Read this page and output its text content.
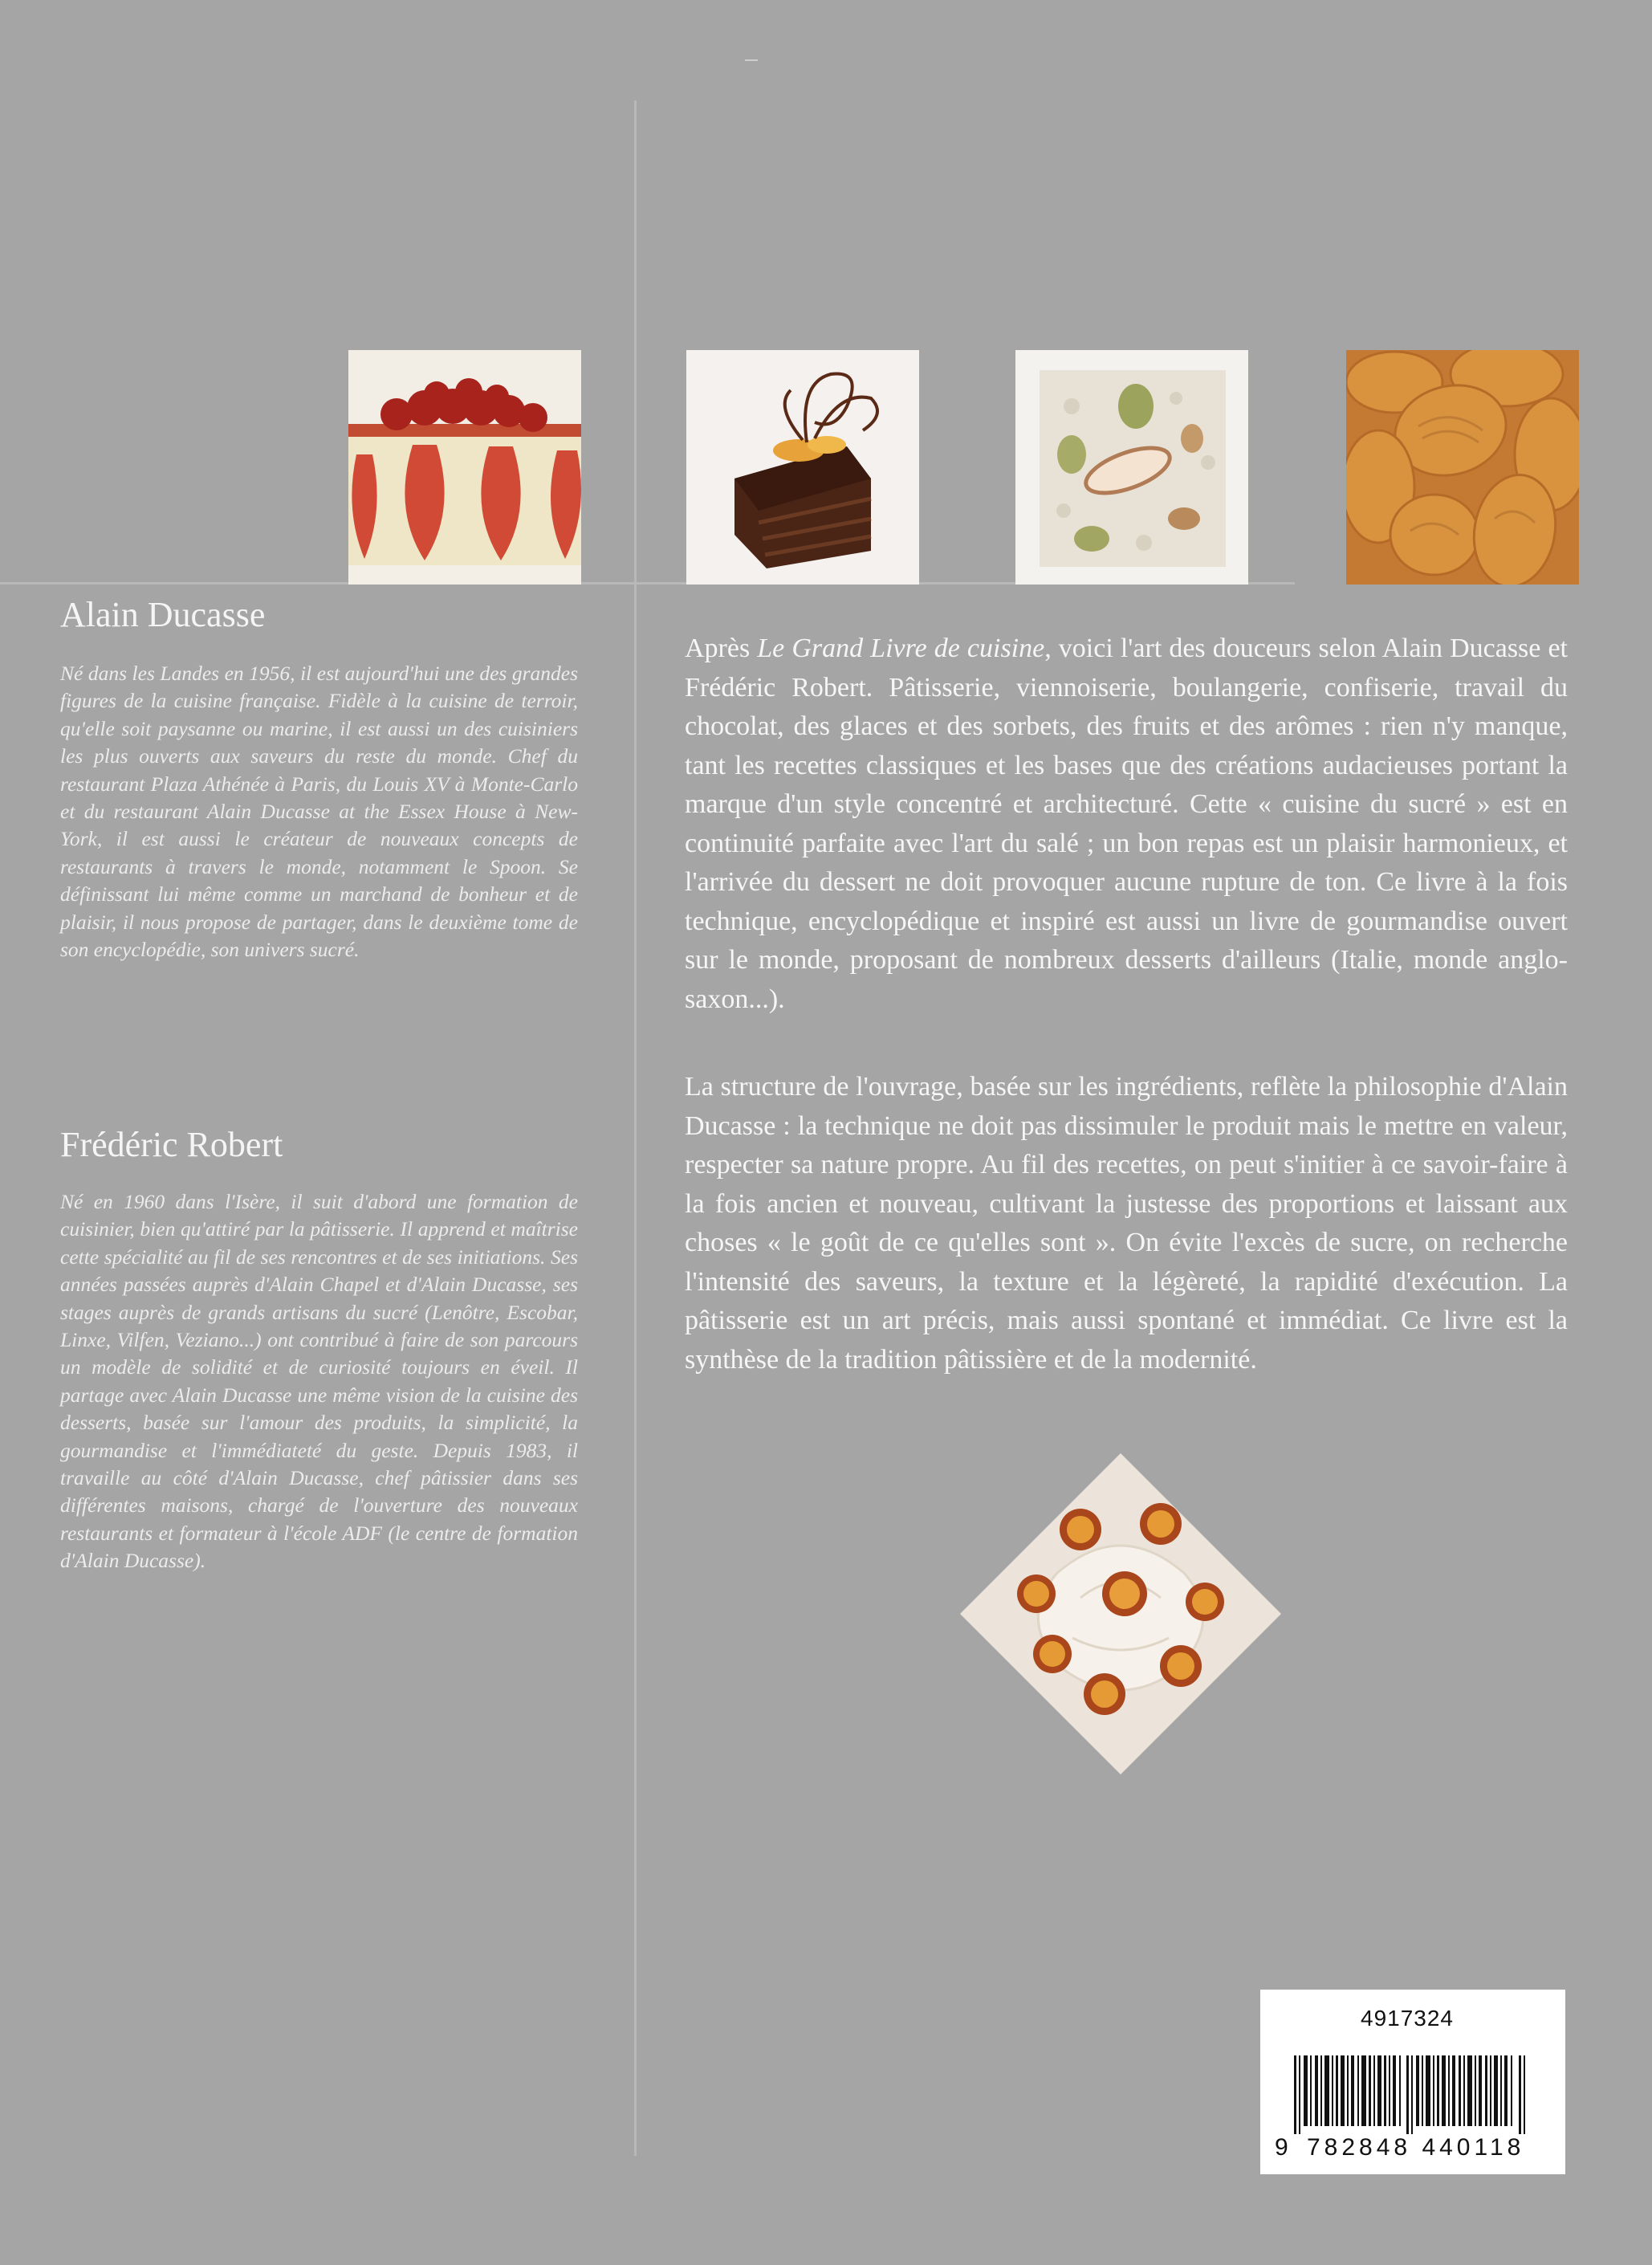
Alain Ducasse

Né dans les Landes en 1956, il est aujourd'hui une des grandes figures de la cuisine française. Fidèle à la cuisine de terroir, qu'elle soit paysanne ou marine, il est aussi un des cuisiniers les plus ouverts aux saveurs du reste du monde. Chef du restaurant Plaza Athénée à Paris, du Louis XV à Monte-Carlo et du restaurant Alain Ducasse at the Essex House à New-York, il est aussi le créateur de nouveaux concepts de restaurants à travers le monde, notamment le Spoon. Se définissant lui même comme un marchand de bonheur et de plaisir, il nous propose de partager, dans le deuxième tome de son encyclopédie, son univers sucré.

Frédéric Robert

Né en 1960 dans l'Isère, il suit d'abord une formation de cuisinier, bien qu'attiré par la pâtisserie. Il apprend et maîtrise cette spécialité au fil de ses rencontres et de ses initiations. Ses années passées auprès d'Alain Chapel et d'Alain Ducasse, ses stages auprès de grands artisans du sucré (Lenôtre, Escobar, Linxe, Vilfen, Veziano...) ont contribué à faire de son parcours un modèle de solidité et de curiosité toujours en éveil. Il partage avec Alain Ducasse une même vision de la cuisine des desserts, basée sur l'amour des produits, la simplicité, la gourmandise et l'immédiateté du geste. Depuis 1983, il travaille au côté d'Alain Ducasse, chef pâtissier dans ses différentes maisons, chargé de l'ouverture des nouveaux restaurants et formateur à l'école ADF (le centre de formation d'Alain Ducasse).

Après Le Grand Livre de cuisine, voici l'art des douceurs selon Alain Ducasse et Frédéric Robert. Pâtisserie, viennoiserie, boulangerie, confiserie, travail du chocolat, des glaces et des sorbets, des fruits et des arômes : rien n'y manque, tant les recettes classiques et les bases que des créations audacieuses portant la marque d'un style concentré et architecturé. Cette « cuisine du sucré » est en continuité parfaite avec l'art du salé ; un bon repas est un plaisir harmonieux, et l'arrivée du dessert ne doit provoquer aucune rupture de ton. Ce livre à la fois technique, encyclopédique et inspiré est aussi un livre de gourmandise ouvert sur le monde, proposant de nombreux desserts d'ailleurs (Italie, monde anglo-saxon...).

La structure de l'ouvrage, basée sur les ingrédients, reflète la philosophie d'Alain Ducasse : la technique ne doit pas dissimuler le produit mais le mettre en valeur, respecter sa nature propre. Au fil des recettes, on peut s'initier à ce savoir-faire à la fois ancien et nouveau, cultivant la justesse des proportions et laissant aux choses « le goût de ce qu'elles sont ». On évite l'excès de sucre, on recherche l'intensité des saveurs, la texture et la légèreté, la rapidité d'exécution. La pâtisserie est un art précis, mais aussi spontané et immédiat. Ce livre est la synthèse de la tradition pâtissière et de la modernité.

4917324
9 782848 440118
